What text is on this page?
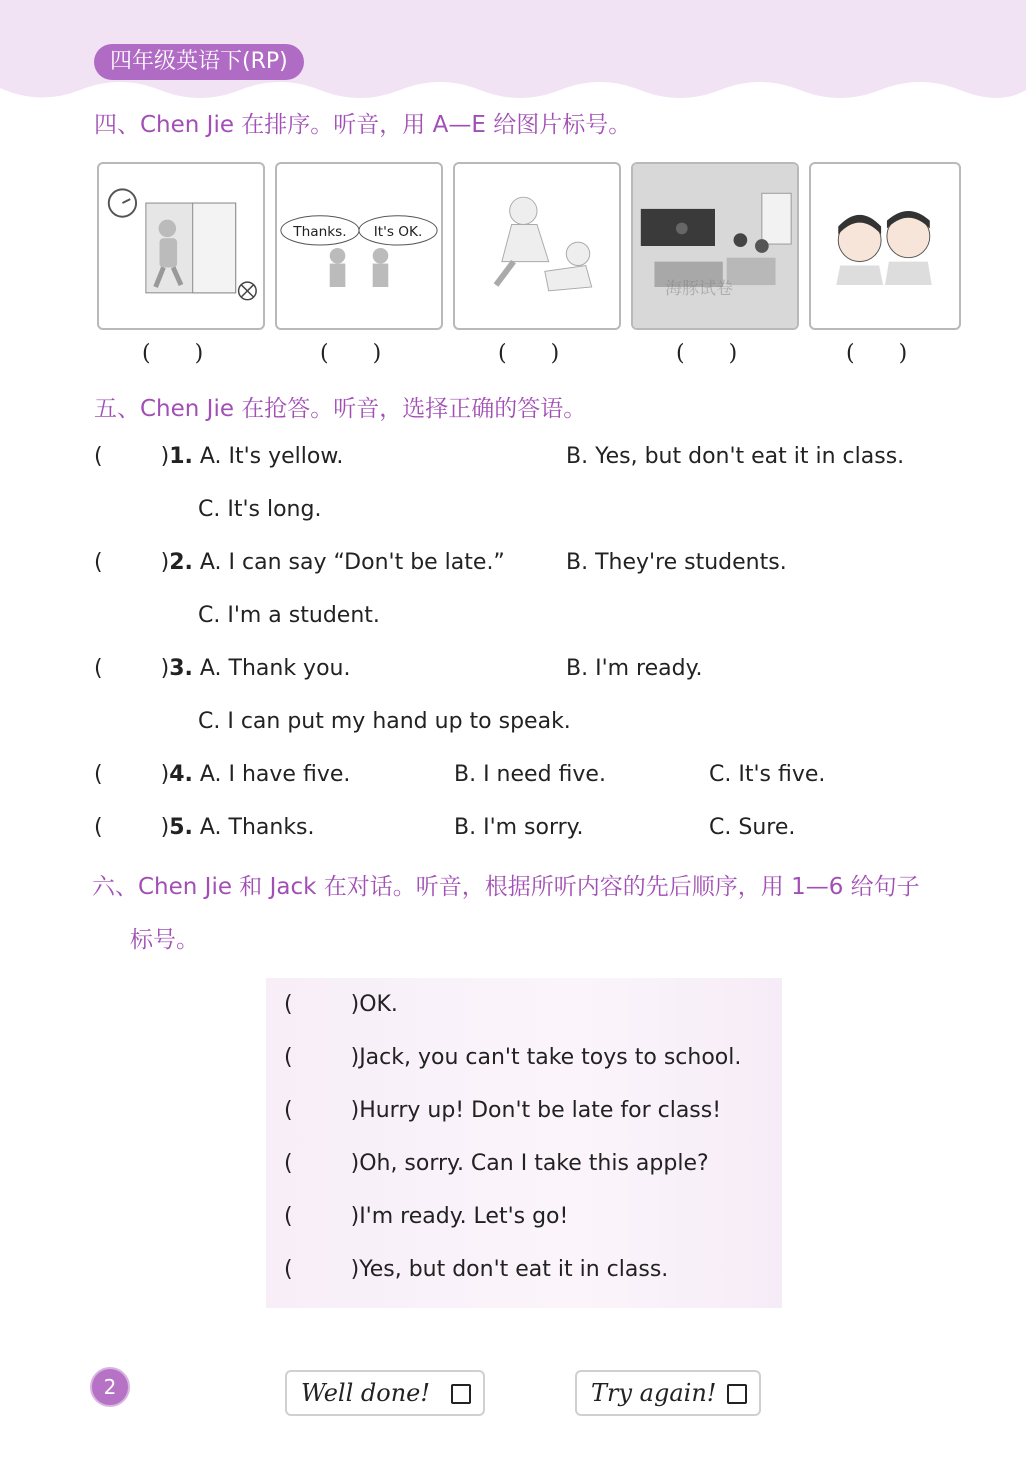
四年级英语下(RP)
四、Chen Jie 在排序。听音，用 A—E 给图片标号。
Thanks. It's OK.
海豚试卷
(　　)	(　　)	(　　)	(　　)	(　　)
五、Chen Jie 在抢答。听音，选择正确的答语。
(	)1. A. It's yellow.	B. Yes, but don't eat it in class.
C. It's long.
(	)2. A. I can say “Don't be late.”	B. They're students.
C. I'm a student.
(	)3. A. Thank you.	B. I'm ready.
C. I can put my hand up to speak.
(	)4. A. I have five.	B. I need five.	C. It's five.
(	)5. A. Thanks.	B. I'm sorry.	C. Sure.
六、Chen Jie 和 Jack 在对话。听音，根据所听内容的先后顺序，用 1—6 给句子
标号。
(	)OK.
(	)Jack, you can't take toys to school.
(	)Hurry up! Don't be late for class!
(	)Oh, sorry. Can I take this apple?
(	)I'm ready. Let's go!
(	)Yes, but don't eat it in class.
2	Well done!	Try again!
